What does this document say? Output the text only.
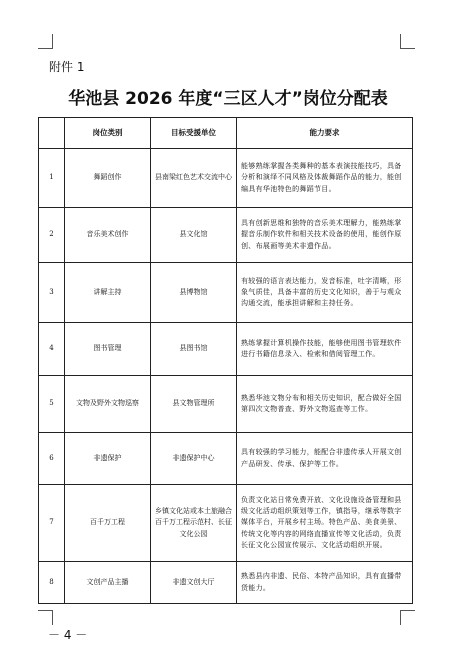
附件 1
华池县 2026 年度“三区人才”岗位分配表
	岗位类别	目标受援单位	能力要求
1	舞蹈创作	县南梁红色艺术交流中心	能够熟练掌握各类舞种的基本表演技能技巧，具备分析和演绎不同风格及体裁舞蹈作品的能力，能创编具有华池特色的舞蹈节目。
2	音乐美术创作	县文化馆	具有创新思维和独特的音乐美术理解力，能熟练掌握音乐制作软件和相关技术设备的使用，能创作原创、布展画等美术非遗作品。
3	讲解主持	县博物馆	有较强的语言表达能力，发音标准，吐字清晰，形象气质佳，具备丰富的历史文化知识，善于与观众沟通交流，能承担讲解和主持任务。
4	图书管理	县图书馆	熟练掌握计算机操作技能，能够使用图书管理软件进行书籍信息录入、检索和借阅管理工作。
5	文物及野外文物巡察	县文物管理所	熟悉华池文物分布和相关历史知识，配合做好全国第四次文物普查、野外文物巡查等工作。
6	非遗保护	非遗保护中心	具有较强的学习能力，能配合非遗传承人开展文创产品研发、传承、保护等工作。
7	百千万工程	乡镇文化站或本土旅融合百千万工程示范村、长征文化公园	负责文化站日常免费开放、文化设施设备管理和县级文化活动组织策划等工作，镇指导，继承等数字媒体平台，开展乡村主场。特色产品、美食美景、传统文化等内容的网络直播宣传等文化活动，负责长征文化公园宣传展示、文化活动组织开展。
8	文创产品主播	非遗文创大厅	熟悉县内非遗、民俗、本特产品知识，具有直播带货能力。
－ 4 －
